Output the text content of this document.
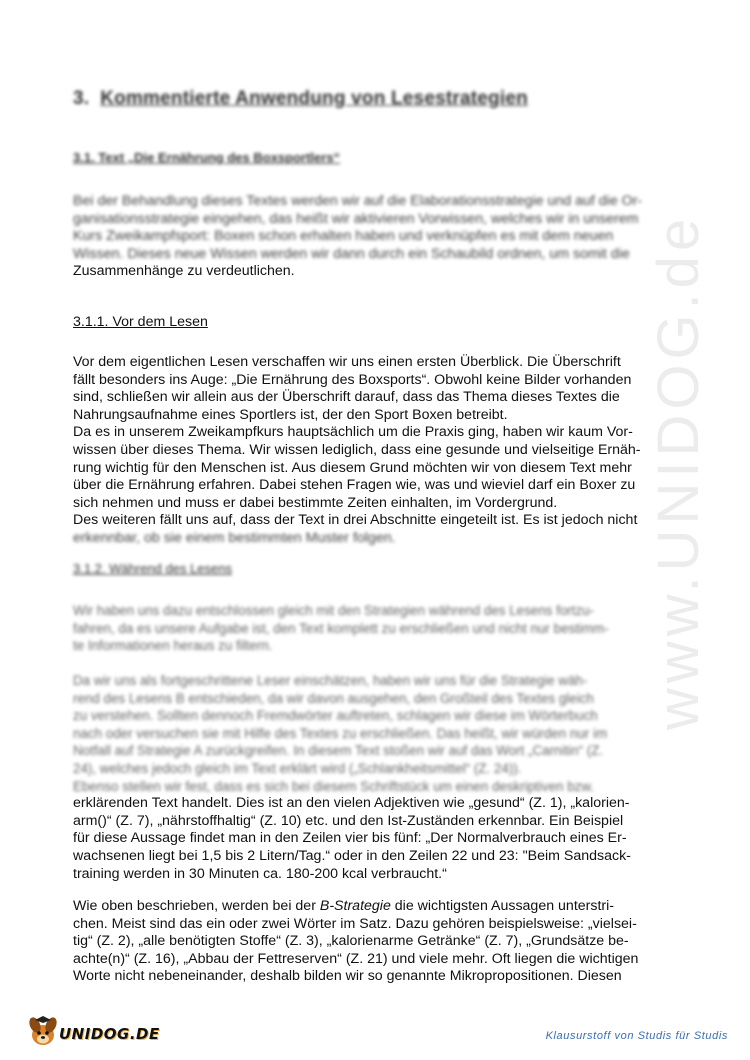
www.UNIDOG.de
3. Kommentierte Anwendung von Lesestrategien
3.1. Text „Die Ernährung des Boxsportlers“
Bei der Behandlung dieses Textes werden wir auf die Elaborationsstrategie und auf die Or-
ganisationsstrategie eingehen, das heißt wir aktivieren Vorwissen, welches wir in unserem
Kurs Zweikampfsport: Boxen schon erhalten haben und verknüpfen es mit dem neuen
Wissen. Dieses neue Wissen werden wir dann durch ein Schaubild ordnen, um somit die
Zusammenhänge zu verdeutlichen.
3.1.1. Vor dem Lesen
Vor dem eigentlichen Lesen verschaffen wir uns einen ersten Überblick. Die Überschrift
fällt besonders ins Auge: „Die Ernährung des Boxsports“. Obwohl keine Bilder vorhanden
sind, schließen wir allein aus der Überschrift darauf, dass das Thema dieses Textes die
Nahrungsaufnahme eines Sportlers ist, der den Sport Boxen betreibt.
Da es in unserem Zweikampfkurs hauptsächlich um die Praxis ging, haben wir kaum Vor-
wissen über dieses Thema. Wir wissen lediglich, dass eine gesunde und vielseitige Ernäh-
rung wichtig für den Menschen ist. Aus diesem Grund möchten wir von diesem Text mehr
über die Ernährung erfahren. Dabei stehen Fragen wie, was und wieviel darf ein Boxer zu
sich nehmen und muss er dabei bestimmte Zeiten einhalten, im Vordergrund.
Des weiteren fällt uns auf, dass der Text in drei Abschnitte eingeteilt ist. Es ist jedoch nicht
erkennbar, ob sie einem bestimmten Muster folgen.
3.1.2. Während des Lesens
Wir haben uns dazu entschlossen gleich mit den Strategien während des Lesens fortzu-
fahren, da es unsere Aufgabe ist, den Text komplett zu erschließen und nicht nur bestimm-
te Informationen heraus zu filtern.
Da wir uns als fortgeschrittene Leser einschätzen, haben wir uns für die Strategie wäh-
rend des Lesens B entschieden, da wir davon ausgehen, den Großteil des Textes gleich
zu verstehen. Sollten dennoch Fremdwörter auftreten, schlagen wir diese im Wörterbuch
nach oder versuchen sie mit Hilfe des Textes zu erschließen. Das heißt, wir würden nur im
Notfall auf Strategie A zurückgreifen. In diesem Text stoßen wir auf das Wort „Carnitin“ (Z.
24), welches jedoch gleich im Text erklärt wird („Schlankheitsmittel“ (Z. 24)).
Ebenso stellen wir fest, dass es sich bei diesem Schriftstück um einen deskriptiven bzw.
erklärenden Text handelt. Dies ist an den vielen Adjektiven wie „gesund“ (Z. 1), „kalorien-
arm()“ (Z. 7), „nährstoffhaltig“ (Z. 10) etc. und den Ist-Zuständen erkennbar. Ein Beispiel
für diese Aussage findet man in den Zeilen vier bis fünf: „Der Normalverbrauch eines Er-
wachsenen liegt bei 1,5 bis 2 Litern/Tag.“ oder in den Zeilen 22 und 23: "Beim Sandsack-
training werden in 30 Minuten ca. 180-200 kcal verbraucht.“
Wie oben beschrieben, werden bei der B-Strategie die wichtigsten Aussagen unterstri-
chen. Meist sind das ein oder zwei Wörter im Satz. Dazu gehören beispielsweise: „vielsei-
tig“ (Z. 2), „alle benötigten Stoffe“ (Z. 3), „kalorienarme Getränke“ (Z. 7), „Grundsätze be-
achte(n)“ (Z. 16), „Abbau der Fettreserven“ (Z. 21) und viele mehr. Oft liegen die wichtigen
Worte nicht nebeneinander, deshalb bilden wir so genannte Mikropropositionen. Diesen
UNIDOG.DE	Klausurstoff von Studis für Studis
